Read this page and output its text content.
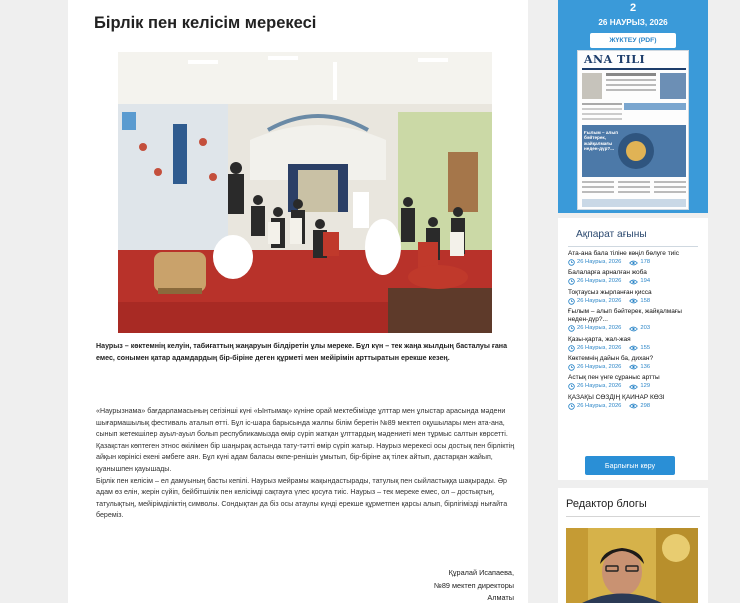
Бірлік пен келісім мерекесі

Наурыз – көктемнің келуін, табиғаттың жаңаруын білдіретін ұлы мереке. Бұл күн – тек жаңа жылдың басталуы ғана емес, сонымен қатар адамдардың бір-біріне деген құрметі мен мейірімін арттыратын ерекше кезең.

«Наурызнама» бағдарламасының сегізінші күні «Ынтымақ» күніне орай мектебімізде ұлттар мен ұлыстар арасында мәдени шығармашылық фестиваль аталып өтті. Бұл іс-шара барысында жалпы білім беретін №89 мектеп оқушылары мен ата-ана, сынып жетекшілер ауыл-ауыл болып республикамызда өмір сүріп жатқан ұлттардың мәдениеті мен тұрмыс салтын көрсетті.

Қазақстан көптеген этнос өкілімен бір шаңырақ астында тату-тәтті өмір сүріп жатыр. Наурыз мерекесі осы достық пен бірліктің айқын көрінісі екені әмбеге аян. Бұл күні адам баласы өкпе-ренішін ұмытып, бір-біріне ақ тілек айтып, дастарқан жайып, қуанышпен қауышады.

Бірлік пен келісім – ел дамуының басты кепілі. Наурыз мейрамы жақындастырады, татулық пен сыйластыққа шақырады. Әр адам өз елін, жерін сүйіп, бейбітшілік пен келісімді сақтауға үлес қосуға тиіс. Наурыз – тек мереке емес, ол – достықтың, татулықтың, мейірімділіктің символы. Сондықтан да біз осы атаулы күнді ерекше құрметпен қарсы алып, бірлігімізді нығайта береміз.

Құралай Исапаева,
№89 мектеп директоры
Алматы
2
26 НАУРЫЗ, 2026
ЖҮКТЕУ (PDF)
ANA TILI
Ғылым – алып бәйтерек, жайқалмағы неден-дүр?...
Ақпарат ағыны
Ата-ана бала тіліне көңіл бөлуге тиіс
26 Наурыз, 2026	178
Балаларға арналған жоба
26 Наурыз, 2026	194
Тоқтаусыз жырланған қисса
26 Наурыз, 2026	158
Ғылым – алып бәйтерек, жайқалмағы неден-дүр?...
26 Наурыз, 2026	203
Қазы-қарта, жал-жая
26 Наурыз, 2026	155
Көктемнің дайын ба, дихан?
26 Наурыз, 2026	136
Астық пен үнге сұраныс артты
26 Наурыз, 2026	129
ҚАЗАҚЫ СӨЗДІҢ ҚАЙНАР КӨЗІ
26 Наурыз, 2026	298
Барлығын көру
Редактор блогы
